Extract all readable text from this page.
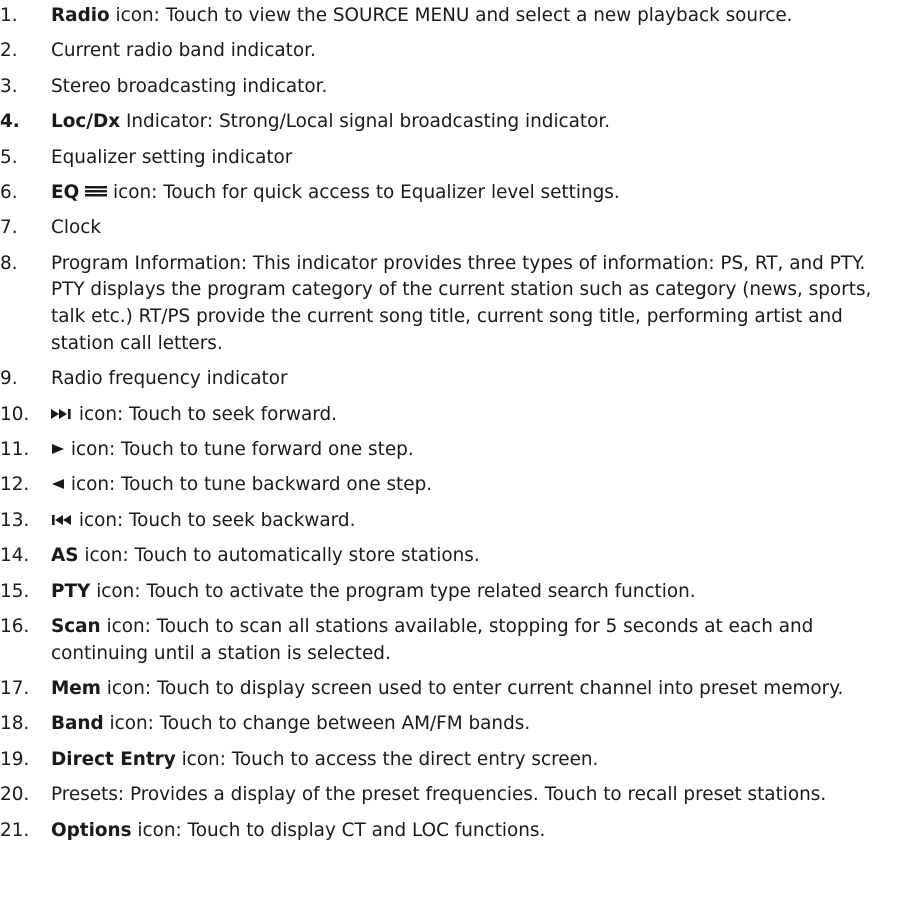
1.	Radio icon: Touch to view the SOURCE MENU and select a new playback source.
2.	Current radio band indicator.
3.	Stereo broadcasting indicator.
4.	Loc/Dx Indicator: Strong/Local signal broadcasting indicator.
5.	Equalizer setting indicator
6.	EQ
icon: Touch for quick access to Equalizer level settings.
7.	Clock
8.	Program Information: This indicator provides three types of information: PS, RT, and PTY. PTY displays the program category of the current station such as category (news, sports, talk etc.) RT/PS provide the current song title, current song title, performing artist and station call letters.
9.	Radio frequency indicator
10.	icon: Touch to seek forward.
11.	icon: Touch to tune forward one step.
12.	icon: Touch to tune backward one step.
13.	icon: Touch to seek backward.
14.	AS icon: Touch to automatically store stations.
15.	PTY icon: Touch to activate the program type related search function.
16.	Scan icon: Touch to scan all stations available, stopping for 5 seconds at each and continuing until a station is selected.
17.	Mem icon: Touch to display screen used to enter current channel into preset memory.
18.	Band icon: Touch to change between AM/FM bands.
19.	Direct Entry icon: Touch to access the direct entry screen.
20.	Presets: Provides a display of the preset frequencies. Touch to recall preset stations.
21.	Options icon: Touch to display CT and LOC functions.
